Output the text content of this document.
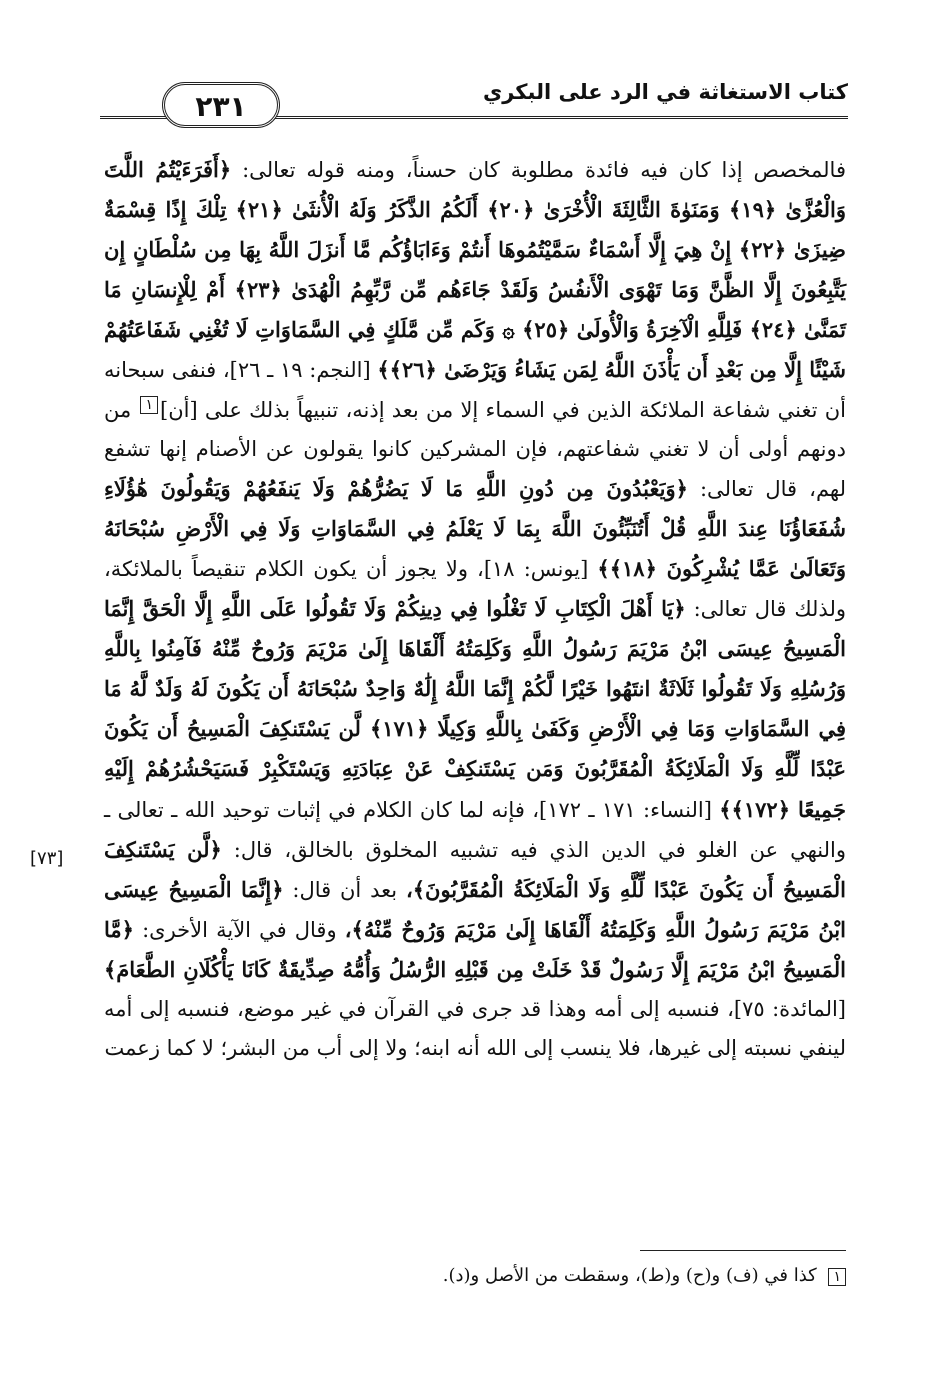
كتاب الاستغاثة في الرد على البكري
٢٣١
[٧٣]

فالمخصص إذا كان فيه فائدة مطلوبة كان حسناً، ومنه قوله تعالى: ﴿أَفَرَءَيْتُمُ اللَّتَ وَالْعُزَّىٰ ﴿١٩﴾ وَمَنَوٰةَ الثَّالِثَةَ الْأُخْرَىٰ ﴿٢٠﴾ أَلَكُمُ الذَّكَرُ وَلَهُ الْأُنثَىٰ ﴿٢١﴾ تِلْكَ إِذًا قِسْمَةٌ ضِيزَىٰ ﴿٢٢﴾ إِنْ هِيَ إِلَّا أَسْمَاءٌ سَمَّيْتُمُوهَا أَنتُمْ وَءَابَاؤُكُم مَّا أَنزَلَ اللَّهُ بِهَا مِن سُلْطَانٍ إِن يَتَّبِعُونَ إِلَّا الظَّنَّ وَمَا تَهْوَى الْأَنفُسُ وَلَقَدْ جَاءَهُم مِّن رَّبِّهِمُ الْهُدَىٰ ﴿٢٣﴾ أَمْ لِلْإِنسَانِ مَا تَمَنَّىٰ ﴿٢٤﴾ فَلِلَّهِ الْآخِرَةُ وَالْأُولَىٰ ﴿٢٥﴾ ۞ وَكَم مِّن مَّلَكٍ فِي السَّمَاوَاتِ لَا تُغْنِي شَفَاعَتُهُمْ شَيْئًا إِلَّا مِن بَعْدِ أَن يَأْذَنَ اللَّهُ لِمَن يَشَاءُ وَيَرْضَىٰ ﴿٢٦﴾﴾ [النجم: ١٩ ـ ٢٦]، فنفى سبحانه أن تغني شفاعة الملائكة الذين في السماء إلا من بعد إذنه، تنبيهاً بذلك على [أن]١ من دونهم أولى أن لا تغني شفاعتهم، فإن المشركين كانوا يقولون عن الأصنام إنها تشفع لهم، قال تعالى: ﴿وَيَعْبُدُونَ مِن دُونِ اللَّهِ مَا لَا يَضُرُّهُمْ وَلَا يَنفَعُهُمْ وَيَقُولُونَ هَٰؤُلَاءِ شُفَعَاؤُنَا عِندَ اللَّهِ قُلْ أَتُنَبِّئُونَ اللَّهَ بِمَا لَا يَعْلَمُ فِي السَّمَاوَاتِ وَلَا فِي الْأَرْضِ سُبْحَانَهُ وَتَعَالَىٰ عَمَّا يُشْرِكُونَ ﴿١٨﴾﴾ [يونس: ١٨]، ولا يجوز أن يكون الكلام تنقيصاً بالملائكة، ولذلك قال تعالى: ﴿يَا أَهْلَ الْكِتَابِ لَا تَغْلُوا فِي دِينِكُمْ وَلَا تَقُولُوا عَلَى اللَّهِ إِلَّا الْحَقَّ إِنَّمَا الْمَسِيحُ عِيسَى ابْنُ مَرْيَمَ رَسُولُ اللَّهِ وَكَلِمَتُهُ أَلْقَاهَا إِلَىٰ مَرْيَمَ وَرُوحٌ مِّنْهُ فَآمِنُوا بِاللَّهِ وَرُسُلِهِ وَلَا تَقُولُوا ثَلَاثَةٌ انتَهُوا خَيْرًا لَّكُمْ إِنَّمَا اللَّهُ إِلَٰهٌ وَاحِدٌ سُبْحَانَهُ أَن يَكُونَ لَهُ وَلَدٌ لَّهُ مَا فِي السَّمَاوَاتِ وَمَا فِي الْأَرْضِ وَكَفَىٰ بِاللَّهِ وَكِيلًا ﴿١٧١﴾ لَّن يَسْتَنكِفَ الْمَسِيحُ أَن يَكُونَ عَبْدًا لِّلَّهِ وَلَا الْمَلَائِكَةُ الْمُقَرَّبُونَ وَمَن يَسْتَنكِفْ عَنْ عِبَادَتِهِ وَيَسْتَكْبِرْ فَسَيَحْشُرُهُمْ إِلَيْهِ جَمِيعًا ﴿١٧٢﴾﴾ [النساء: ١٧١ ـ ١٧٢]، فإنه لما كان الكلام في إثبات توحيد الله ـ تعالى ـ والنهي عن الغلو في الدين الذي فيه تشبيه المخلوق بالخالق، قال: ﴿لَّن يَسْتَنكِفَ الْمَسِيحُ أَن يَكُونَ عَبْدًا لِّلَّهِ وَلَا الْمَلَائِكَةُ الْمُقَرَّبُونَ﴾، بعد أن قال: ﴿إِنَّمَا الْمَسِيحُ عِيسَى ابْنُ مَرْيَمَ رَسُولُ اللَّهِ وَكَلِمَتُهُ أَلْقَاهَا إِلَىٰ مَرْيَمَ وَرُوحٌ مِّنْهُ﴾، وقال في الآية الأخرى: ﴿مَّا الْمَسِيحُ ابْنُ مَرْيَمَ إِلَّا رَسُولٌ قَدْ خَلَتْ مِن قَبْلِهِ الرُّسُلُ وَأُمُّهُ صِدِّيقَةٌ كَانَا يَأْكُلَانِ الطَّعَامَ﴾ [المائدة: ٧٥]، فنسبه إلى أمه وهذا قد جرى في القرآن في غير موضع، فنسبه إلى أمه لينفي نسبته إلى غيرها، فلا ينسب إلى الله أنه ابنه؛ ولا إلى أب من البشر؛ لا كما زعمت

١ كذا في (ف) و(ح) و(ط)، وسقطت من الأصل و(د).
